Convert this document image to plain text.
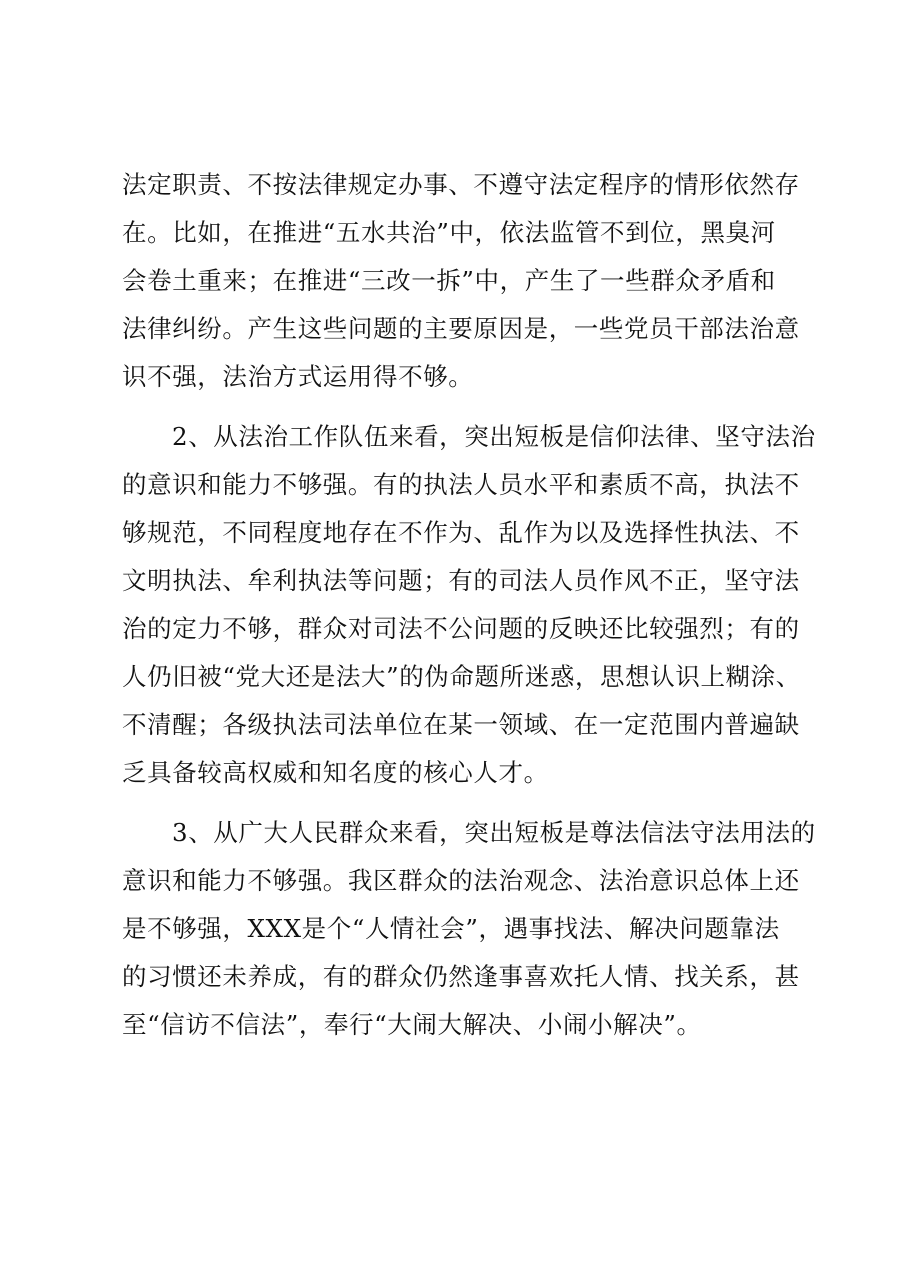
法定职责、不按法律规定办事、不遵守法定程序的情形依然存
在。比如，在推进“五水共治”中，依法监管不到位，黑臭河
会卷土重来；在推进“三改一拆”中，产生了一些群众矛盾和
法律纠纷。产生这些问题的主要原因是，一些党员干部法治意
识不强，法治方式运用得不够。
2、从法治工作队伍来看，突出短板是信仰法律、坚守法治
的意识和能力不够强。有的执法人员水平和素质不高，执法不
够规范，不同程度地存在不作为、乱作为以及选择性执法、不
文明执法、牟利执法等问题；有的司法人员作风不正，坚守法
治的定力不够，群众对司法不公问题的反映还比较强烈；有的
人仍旧被“党大还是法大”的伪命题所迷惑，思想认识上糊涂、
不清醒；各级执法司法单位在某一领域、在一定范围内普遍缺
乏具备较高权威和知名度的核心人才。
3、从广大人民群众来看，突出短板是尊法信法守法用法的
意识和能力不够强。我区群众的法治观念、法治意识总体上还
是不够强，XXX是个“人情社会”，遇事找法、解决问题靠法
的习惯还未养成，有的群众仍然逢事喜欢托人情、找关系，甚
至“信访不信法”，奉行“大闹大解决、小闹小解决”。
